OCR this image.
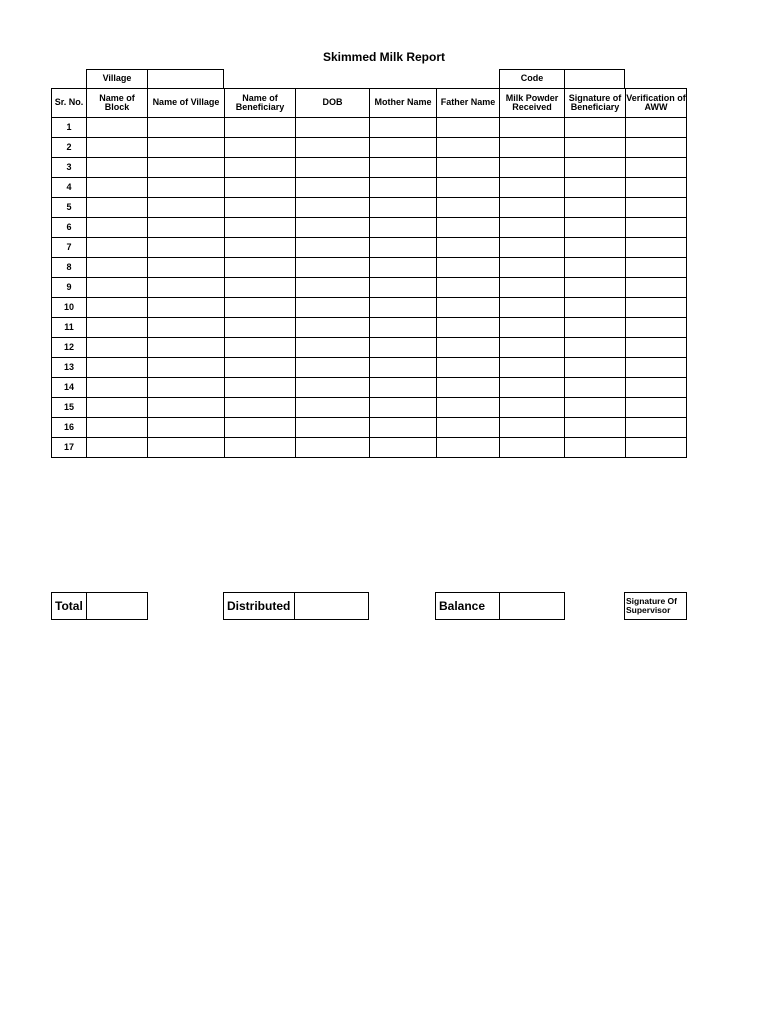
Skimmed Milk Report
Village	Code
Sr. No.	Name of Block	Name of Village	Name of Beneficiary	DOB	Mother Name	Father Name	Milk Powder Received	Signature of Beneficiary	Verification of AWW
1									
2									
3									
4									
5									
6									
7									
8									
9									
10									
11									
12									
13									
14									
15									
16									
17									
Total	Distributed	Balance	Signature Of Supervisor
